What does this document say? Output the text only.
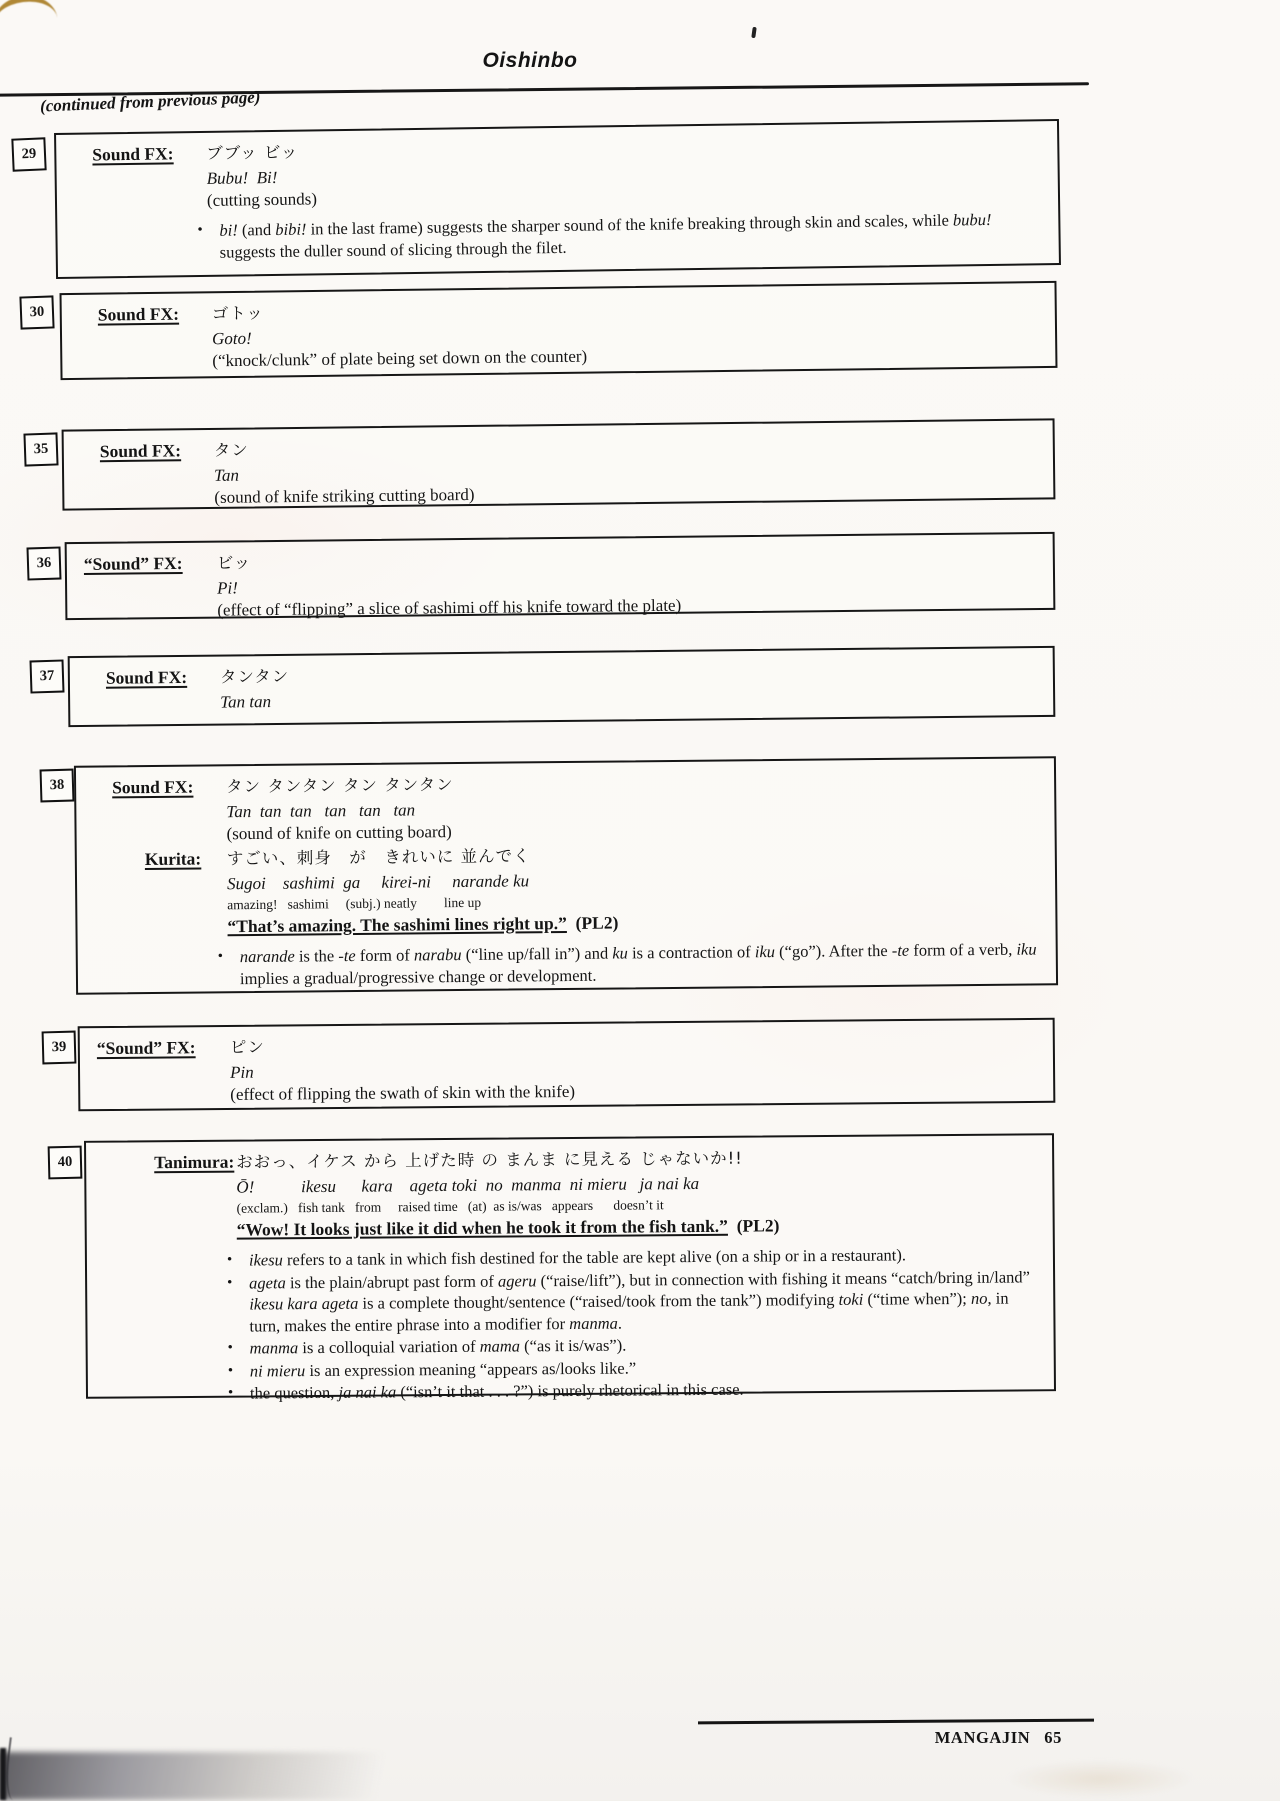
Oishinbo
(continued from previous page)
29	Sound FX:	ブブッ ビッ
Bubu!  Bi!
(cutting sounds)
• bi! (and bibi! in the last frame) suggests the sharper sound of the knife breaking through skin and scales, while bubu! suggests the duller sound of slicing through the filet.
30	Sound FX:	ゴトッ
Goto!
(“knock/clunk” of plate being set down on the counter)
35	Sound FX:	タン
Tan
(sound of knife striking cutting board)
36	“Sound” FX:	ビッ
Pi!
(effect of “flipping” a slice of sashimi off his knife toward the plate)
37	Sound FX:	タンタン
Tan tan
38	Sound FX:	タン タンタン タン タンタン
Tan  tan  tan   tan   tan   tan
(sound of knife on cutting board)
Kurita:	すごい、刺身　が　きれいに 並んでく
Sugoi    sashimi  ga     kirei-ni     narande ku
amazing!   sashimi     (subj.) neatly        line up
“That’s amazing. The sashimi lines right up.”  (PL2)
•	narande is the -te form of narabu (“line up/fall in”) and ku is a contraction of iku (“go”). After the -te form of a verb, iku implies a gradual/progressive change or development.
39	“Sound” FX:	ピン
Pin
(effect of flipping the swath of skin with the knife)
40	Tanimura: おおっ、イケス から 上げた時 の まんま に見える じゃないか!!
Ō!           ikesu      kara    ageta toki  no  manma  ni mieru   ja nai ka
(exclam.)   fish tank   from     raised time   (at)  as is/was   appears      doesn’t it
“Wow! It looks just like it did when he took it from the fish tank.”  (PL2)
•	ikesu refers to a tank in which fish destined for the table are kept alive (on a ship or in a restaurant).
•	ageta is the plain/abrupt past form of ageru (“raise/lift”), but in connection with fishing it means “catch/bring in/land” ikesu kara ageta is a complete thought/sentence (“raised/took from the tank”) modifying toki (“time when”); no, in turn, makes the entire phrase into a modifier for manma.
•	manma is a colloquial variation of mama (“as it is/was”).
•	ni mieru is an expression meaning “appears as/looks like.”
•	the question, ja nai ka (“isn’t it that . . . ?”) is purely rhetorical in this case.
MANGAJIN 65
